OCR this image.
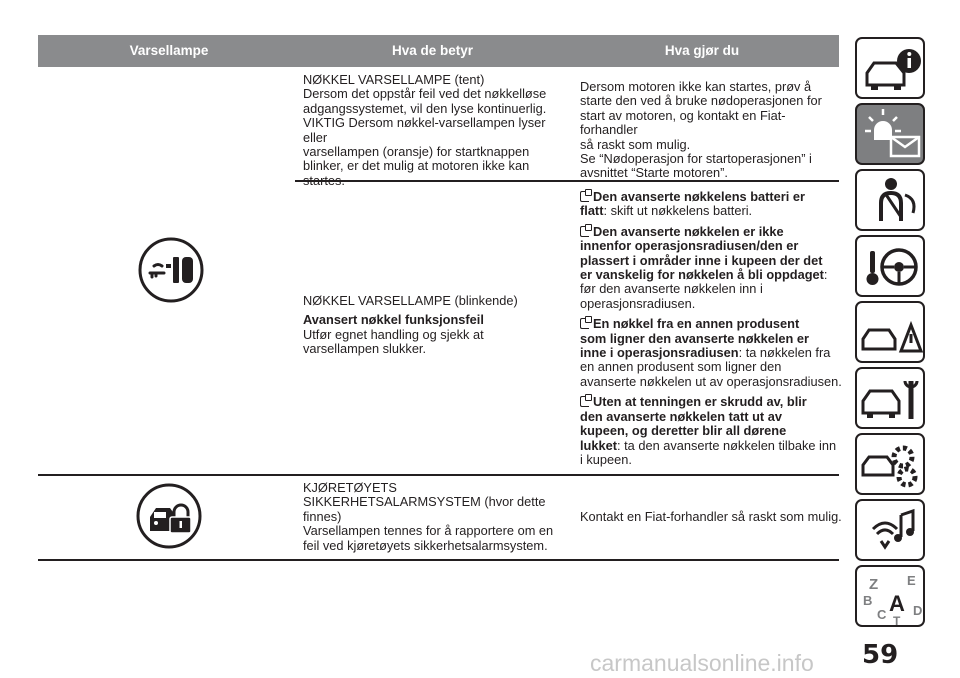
Varsellampe	Hva de betyr	Hva gjør du

NØKKEL VARSELLAMPE (tent)

Dersom det oppstår feil ved det nøkkelløse

adgangssystemet, vil den lyse kontinuerlig.

VIKTIG Dersom nøkkel-varsellampen lyser eller

varsellampen (oransje) for startknappen

blinker, er det mulig at motoren ikke kan

startes.

Dersom motoren ikke kan startes, prøv å

starte den ved å bruke nødoperasjonen for

start av motoren, og kontakt en Fiat-forhandler

så raskt som mulig.

Se “Nødoperasjon for startoperasjonen” i

avsnittet “Starte motoren”.

NØKKEL VARSELLAMPE (blinkende)

Avansert nøkkel funksjonsfeil

Utfør egnet handling og sjekk at

varsellampen slukker.

Den avanserte nøkkelens batteri er

flatt: skift ut nøkkelens batteri.

Den avanserte nøkkelen er ikke

innenfor operasjonsradiusen/den er

plassert i områder inne i kupeen der det

er vanskelig for nøkkelen å bli oppdaget:

før den avanserte nøkkelen inn i

operasjonsradiusen.

En nøkkel fra en annen produsent

som ligner den avanserte nøkkelen er

inne i operasjonsradiusen: ta nøkkelen fra

en annen produsent som ligner den

avanserte nøkkelen ut av operasjonsradiusen.

Uten at tenningen er skrudd av, blir

den avanserte nøkkelen tatt ut av

kupeen, og deretter blir all dørene

lukket: ta den avanserte nøkkelen tilbake inn

i kupeen.

KJØRETØYETS

SIKKERHETSALARMSYSTEM (hvor dette

finnes)

Varsellampen tennes for å rapportere om en

feil ved kjøretøyets sikkerhetsalarmsystem.

Kontakt en Fiat-forhandler så raskt som mulig.
Z E
B A
C D
T
59
carmanualsonline.info
